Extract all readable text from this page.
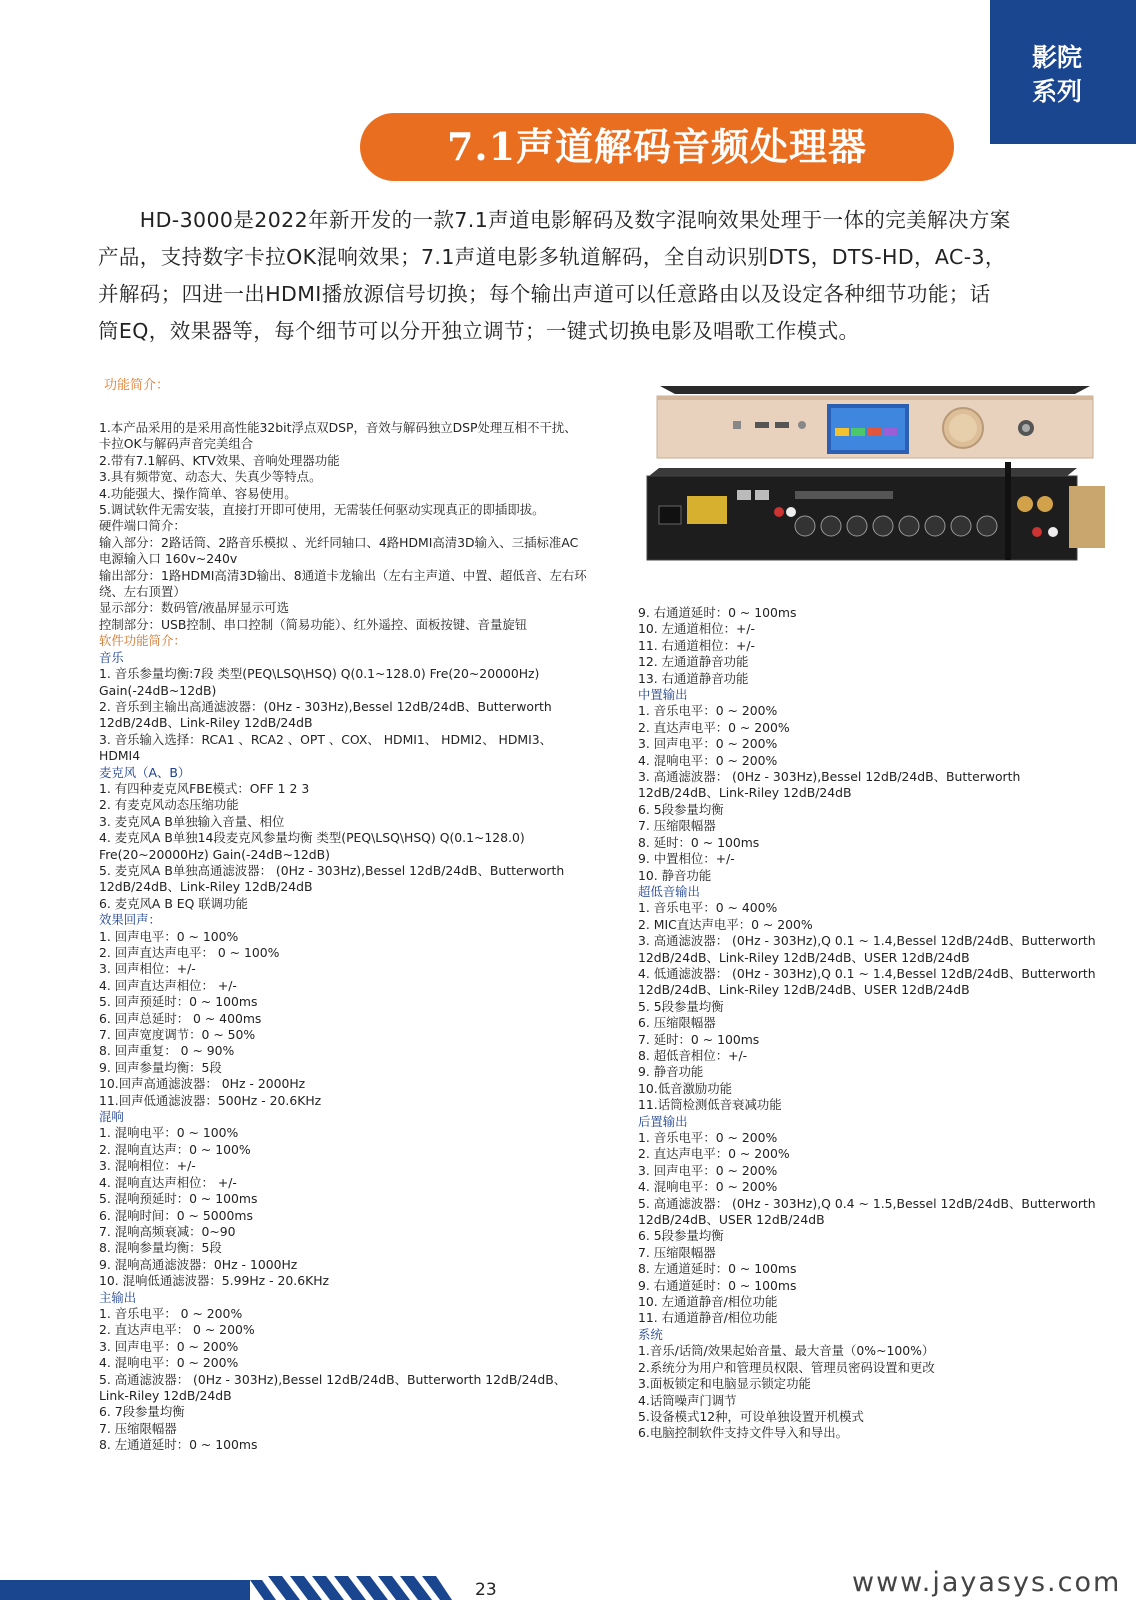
影院
系列
7.1声道解码音频处理器
　　HD-3000是2022年新开发的一款7.1声道电影解码及数字混响效果处理于一体的完美解决方案
产品，支持数字卡拉OK混响效果；7.1声道电影多轨道解码，全自动识别DTS，DTS-HD，AC-3，
并解码；四进一出HDMI播放源信号切换；每个输出声道可以任意路由以及设定各种细节功能；话
筒EQ，效果器等，每个细节可以分开独立调节；一键式切换电影及唱歌工作模式。
功能简介：
1.本产品采用的是采用高性能32bit浮点双DSP，音效与解码独立DSP处理互相不干扰、卡拉OK与解码声音完美组合
2.带有7.1解码、KTV效果、音响处理器功能
3.具有频带宽、动态大、失真少等特点。
4.功能强大、操作简单、容易使用。
5.调试软件无需安装，直接打开即可使用，无需装任何驱动实现真正的即插即拔。
硬件端口简介：
输入部分：2路话筒、2路音乐模拟 、光纤同轴口、4路HDMI高清3D输入、三插标准AC电源输入口 160v~240v
输出部分：1路HDMI高清3D输出、8通道卡龙输出（左右主声道、中置、超低音、左右环绕、左右顶置）
显示部分：数码管/液晶屏显示可选
控制部分：USB控制、串口控制（简易功能）、红外遥控、面板按键、音量旋钮
软件功能简介：
音乐
1. 音乐参量均衡:7段 类型(PEQ\LSQ\HSQ) Q(0.1~128.0) Fre(20~20000Hz) Gain(-24dB~12dB)
2. 音乐到主输出高通滤波器：(0Hz - 303Hz),Bessel 12dB/24dB、Butterworth 12dB/24dB、Link-Riley 12dB/24dB
3. 音乐输入选择：RCA1 、RCA2 、OPT 、COX、 HDMI1、 HDMI2、 HDMI3、 HDMI4
麦克风（A、B）
1. 有四种麦克风FBE模式：OFF 1 2 3
2. 有麦克风动态压缩功能
3. 麦克风A B单独输入音量、相位
4. 麦克风A B单独14段麦克风参量均衡 类型(PEQ\LSQ\HSQ) Q(0.1~128.0) Fre(20~20000Hz) Gain(-24dB~12dB)
5. 麦克风A B单独高通滤波器： (0Hz - 303Hz),Bessel 12dB/24dB、Butterworth 12dB/24dB、Link-Riley 12dB/24dB
6. 麦克风A B EQ 联调功能
效果回声：
1. 回声电平：0 ~ 100%
2. 回声直达声电平： 0 ~ 100%
3. 回声相位：+/-
4. 回声直达声相位： +/-
5. 回声预延时：0 ~ 100ms
6. 回声总延时： 0 ~ 400ms
7. 回声宽度调节：0 ~ 50%
8. 回声重复： 0 ~ 90%
9. 回声参量均衡：5段
10.回声高通滤波器： 0Hz - 2000Hz
11.回声低通滤波器：500Hz - 20.6KHz
混响
1. 混响电平：0 ~ 100%
2. 混响直达声：0 ~ 100%
3. 混响相位：+/-
4. 混响直达声相位： +/-
5. 混响预延时：0 ~ 100ms
6. 混响时间：0 ~ 5000ms
7. 混响高频衰减：0~90
8. 混响参量均衡：5段
9. 混响高通滤波器：0Hz - 1000Hz
10. 混响低通滤波器：5.99Hz - 20.6KHz
主输出
1. 音乐电平： 0 ~ 200%
2. 直达声电平： 0 ~ 200%
3. 回声电平：0 ~ 200%
4. 混响电平：0 ~ 200%
5. 高通滤波器： (0Hz - 303Hz),Bessel 12dB/24dB、Butterworth 12dB/24dB、Link-Riley 12dB/24dB
6. 7段参量均衡
7. 压缩限幅器
8. 左通道延时：0 ~ 100ms
9. 右通道延时：0 ~ 100ms
10. 左通道相位：+/-
11. 右通道相位：+/-
12. 左通道静音功能
13. 右通道静音功能
中置输出
1. 音乐电平：0 ~ 200%
2. 直达声电平：0 ~ 200%
3. 回声电平：0 ~ 200%
4. 混响电平：0 ~ 200%
3. 高通滤波器： (0Hz - 303Hz),Bessel 12dB/24dB、Butterworth 12dB/24dB、Link-Riley 12dB/24dB
6. 5段参量均衡
7. 压缩限幅器
8. 延时：0 ~ 100ms
9. 中置相位：+/-
10. 静音功能
超低音输出
1. 音乐电平：0 ~ 400%
2. MIC直达声电平：0 ~ 200%
3. 高通滤波器： (0Hz - 303Hz),Q 0.1 ~ 1.4,Bessel 12dB/24dB、Butterworth 12dB/24dB、Link-Riley 12dB/24dB、USER 12dB/24dB
4. 低通滤波器： (0Hz - 303Hz),Q 0.1 ~ 1.4,Bessel 12dB/24dB、Butterworth 12dB/24dB、Link-Riley 12dB/24dB、USER 12dB/24dB
5. 5段参量均衡
6. 压缩限幅器
7. 延时：0 ~ 100ms
8. 超低音相位：+/-
9. 静音功能
10.低音激励功能
11.话筒检测低音衰减功能
后置输出
1. 音乐电平：0 ~ 200%
2. 直达声电平：0 ~ 200%
3. 回声电平：0 ~ 200%
4. 混响电平：0 ~ 200%
5. 高通滤波器： (0Hz - 303Hz),Q 0.4 ~ 1.5,Bessel 12dB/24dB、Butterworth 12dB/24dB、USER 12dB/24dB
6. 5段参量均衡
7. 压缩限幅器
8. 左通道延时：0 ~ 100ms
9. 右通道延时：0 ~ 100ms
10. 左通道静音/相位功能
11. 右通道静音/相位功能
系统
1.音乐/话筒/效果起始音量、最大音量（0%~100%）
2.系统分为用户和管理员权限、管理员密码设置和更改
3.面板锁定和电脑显示锁定功能
4.话筒噪声门调节
5.设备模式12种，可设单独设置开机模式
6.电脑控制软件支持文件导入和导出。
23	www.jayasys.com
